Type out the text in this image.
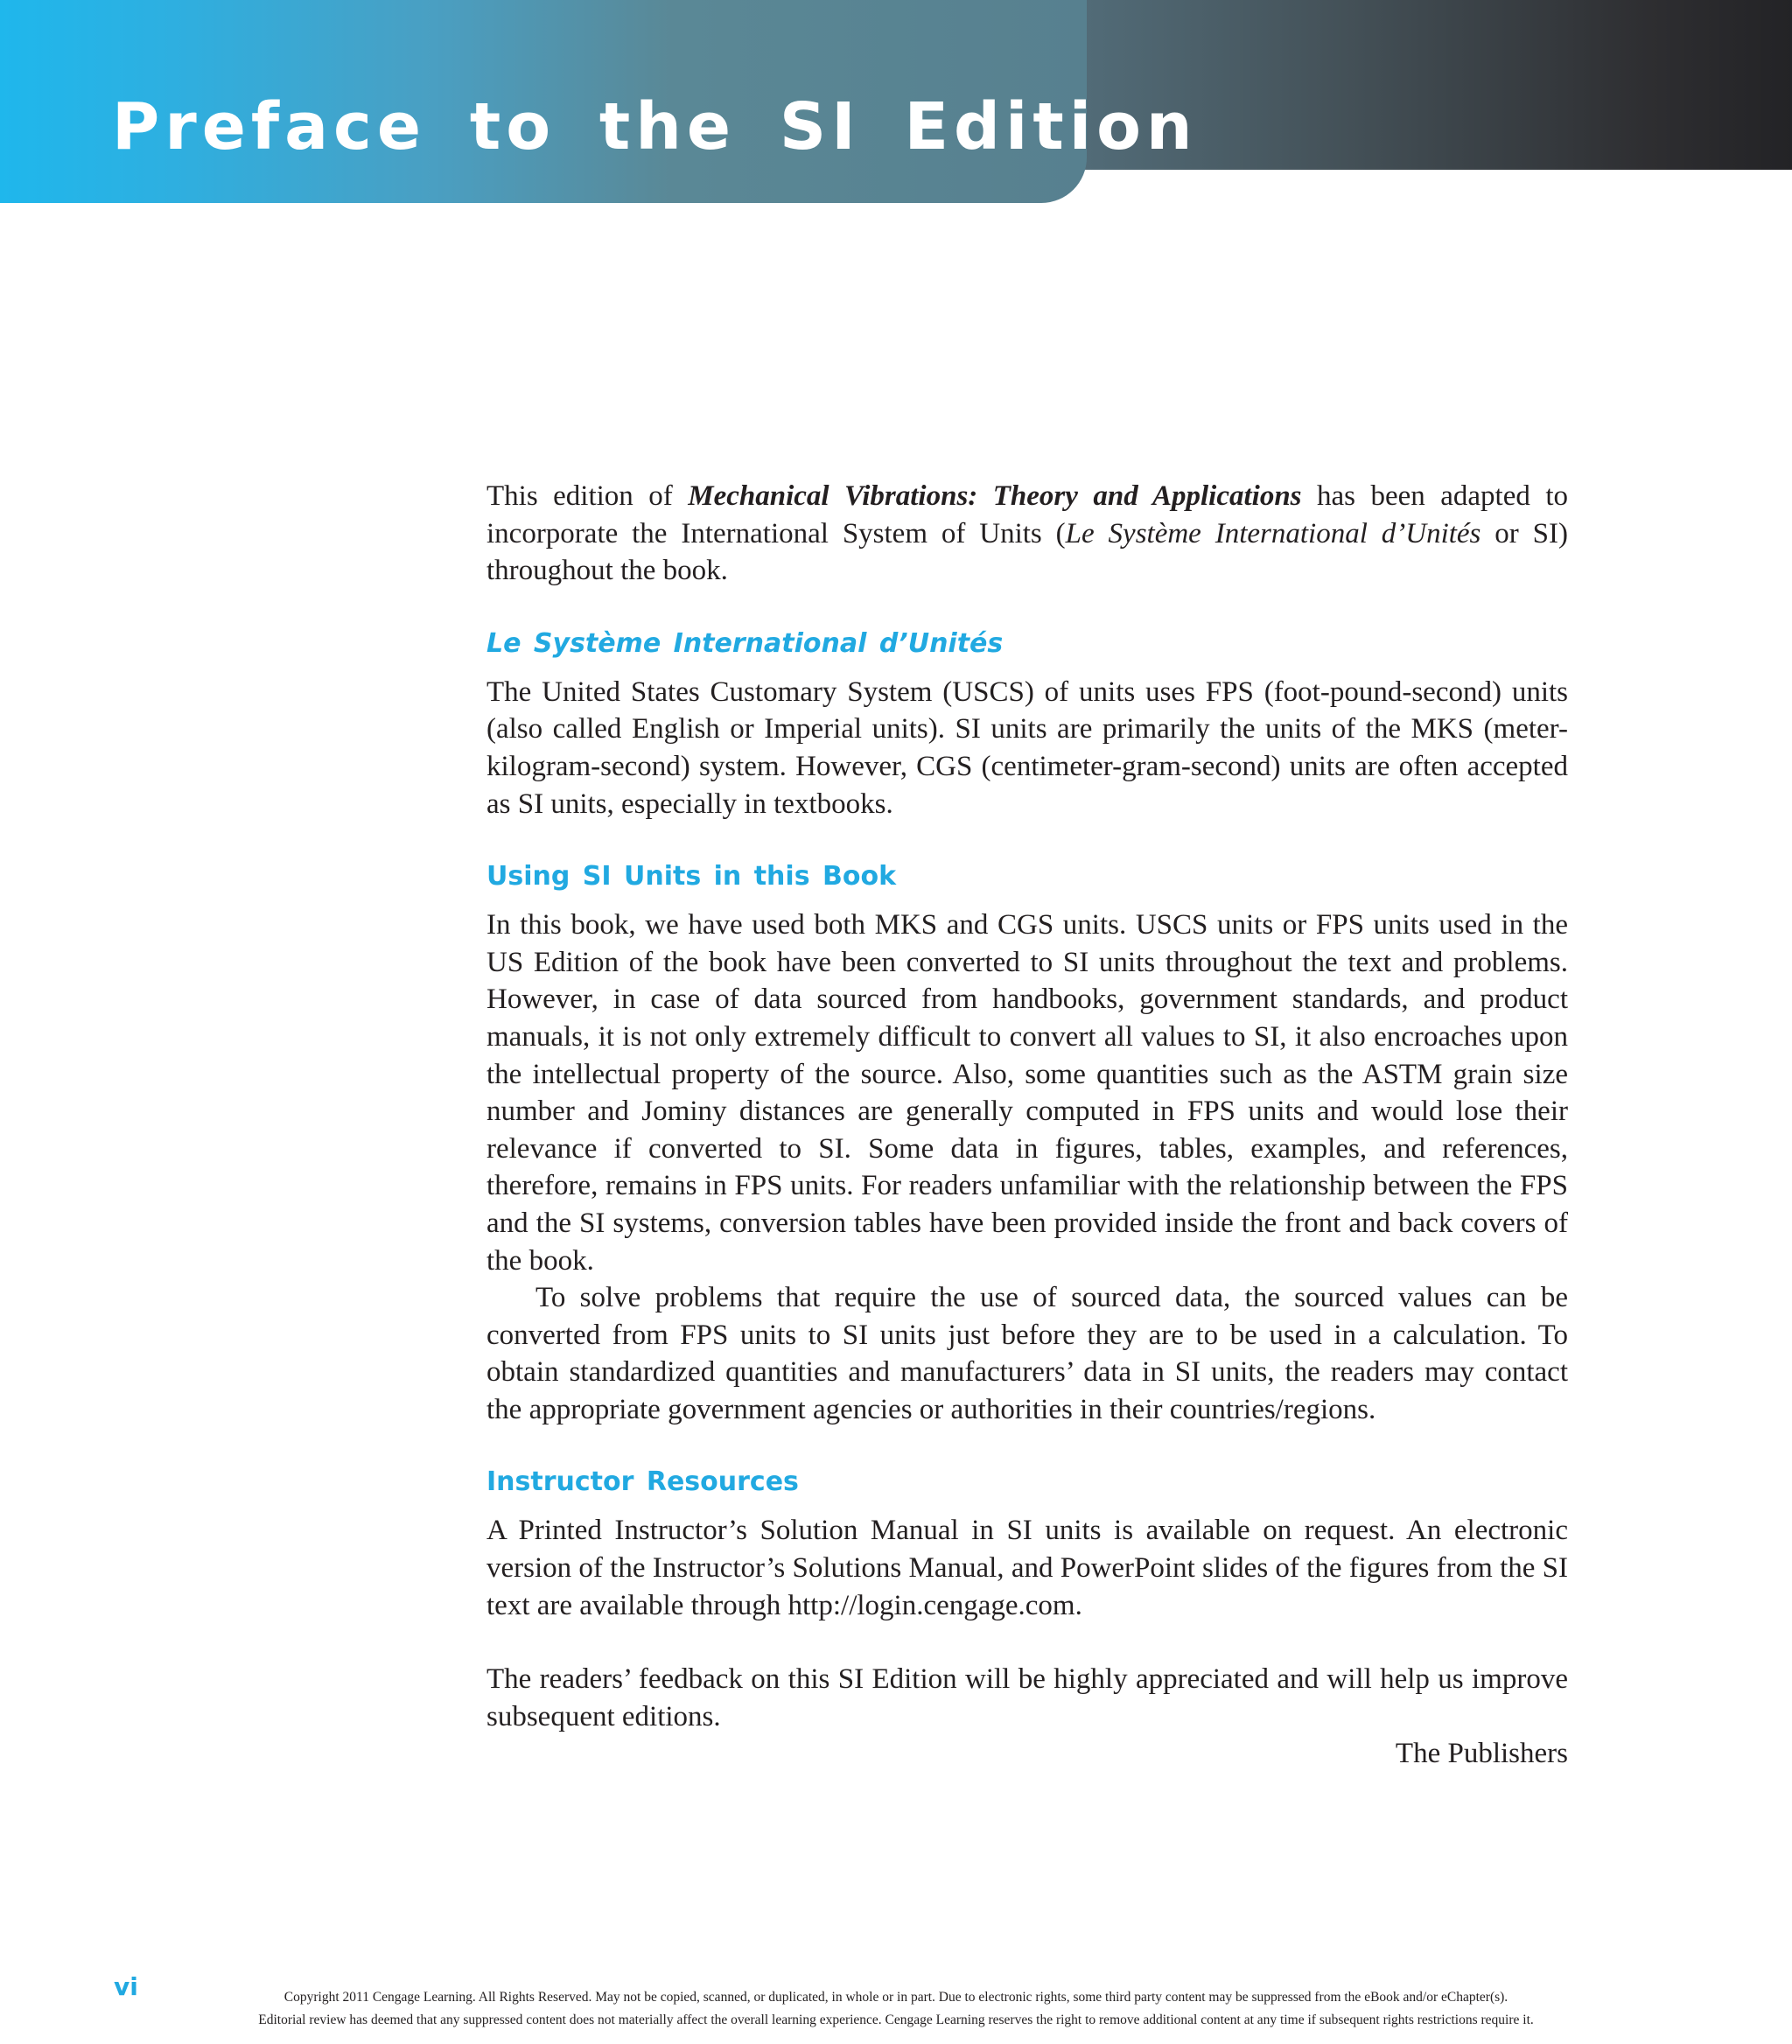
Preface to the SI Edition

This edition of Mechanical Vibrations: Theory and Applications has been adapted to incorporate the International System of Units (Le Système International d’Unités or SI) throughout the book.

Le Système International d’Unités

The United States Customary System (USCS) of units uses FPS (foot-pound-second) units (also called English or Imperial units). SI units are primarily the units of the MKS (meter-kilogram-second) system. However, CGS (centimeter-gram-second) units are often accepted as SI units, especially in textbooks.

Using SI Units in this Book

In this book, we have used both MKS and CGS units. USCS units or FPS units used in the US Edition of the book have been converted to SI units throughout the text and problems. However, in case of data sourced from handbooks, government standards, and product manuals, it is not only extremely difficult to convert all values to SI, it also encroaches upon the intellectual property of the source. Also, some quantities such as the ASTM grain size number and Jominy distances are generally computed in FPS units and would lose their relevance if converted to SI. Some data in figures, tables, examples, and references, therefore, remains in FPS units. For readers unfamiliar with the relationship between the FPS and the SI systems, conversion tables have been provided inside the front and back covers of the book.

To solve problems that require the use of sourced data, the sourced values can be converted from FPS units to SI units just before they are to be used in a calculation. To obtain standardized quantities and manufacturers’ data in SI units, the readers may contact the appropriate government agencies or authorities in their countries/regions.

Instructor Resources

A Printed Instructor’s Solution Manual in SI units is available on request. An electronic version of the Instructor’s Solutions Manual, and PowerPoint slides of the figures from the SI text are available through http://login.cengage.com.

The readers’ feedback on this SI Edition will be highly appreciated and will help us improve subsequent editions.

The Publishers

vi	Copyright 2011 Cengage Learning. All Rights Reserved. May not be copied, scanned, or duplicated, in whole or in part. Due to electronic rights, some third party content may be suppressed from the eBook and/or eChapter(s).
Editorial review has deemed that any suppressed content does not materially affect the overall learning experience. Cengage Learning reserves the right to remove additional content at any time if subsequent rights restrictions require it.
